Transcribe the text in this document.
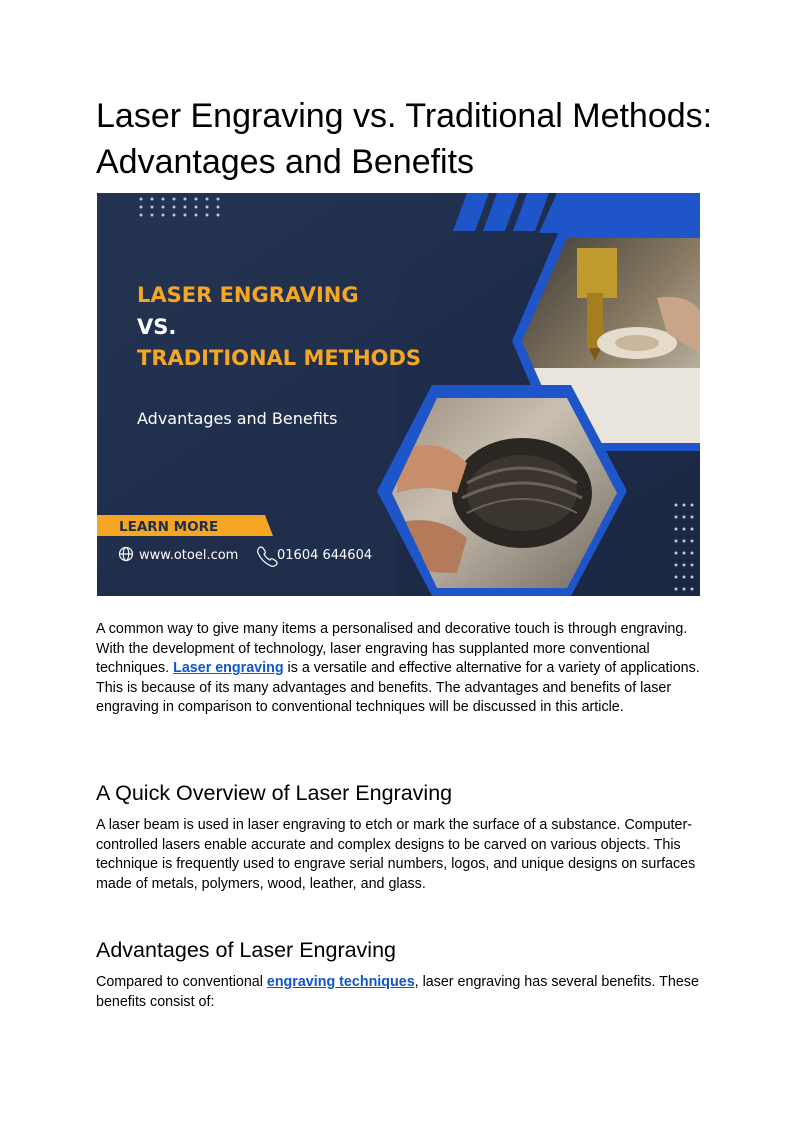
Laser Engraving vs. Traditional Methods: Advantages and Benefits
LASER ENGRAVING
VS.
TRADITIONAL METHODS
Advantages and Benefits
LEARN MORE
www.otoel.com	01604 644604

A common way to give many items a personalised and decorative touch is through engraving. With the development of technology, laser engraving has supplanted more conventional techniques. Laser engraving is a versatile and effective alternative for a variety of applications. This is because of its many advantages and benefits. The advantages and benefits of laser engraving in comparison to conventional techniques will be discussed in this article.

A Quick Overview of Laser Engraving

A laser beam is used in laser engraving to etch or mark the surface of a substance. Computer-controlled lasers enable accurate and complex designs to be carved on various objects. This technique is frequently used to engrave serial numbers, logos, and unique designs on surfaces made of metals, polymers, wood, leather, and glass.

Advantages of Laser Engraving

Compared to conventional engraving techniques, laser engraving has several benefits. These benefits consist of:
